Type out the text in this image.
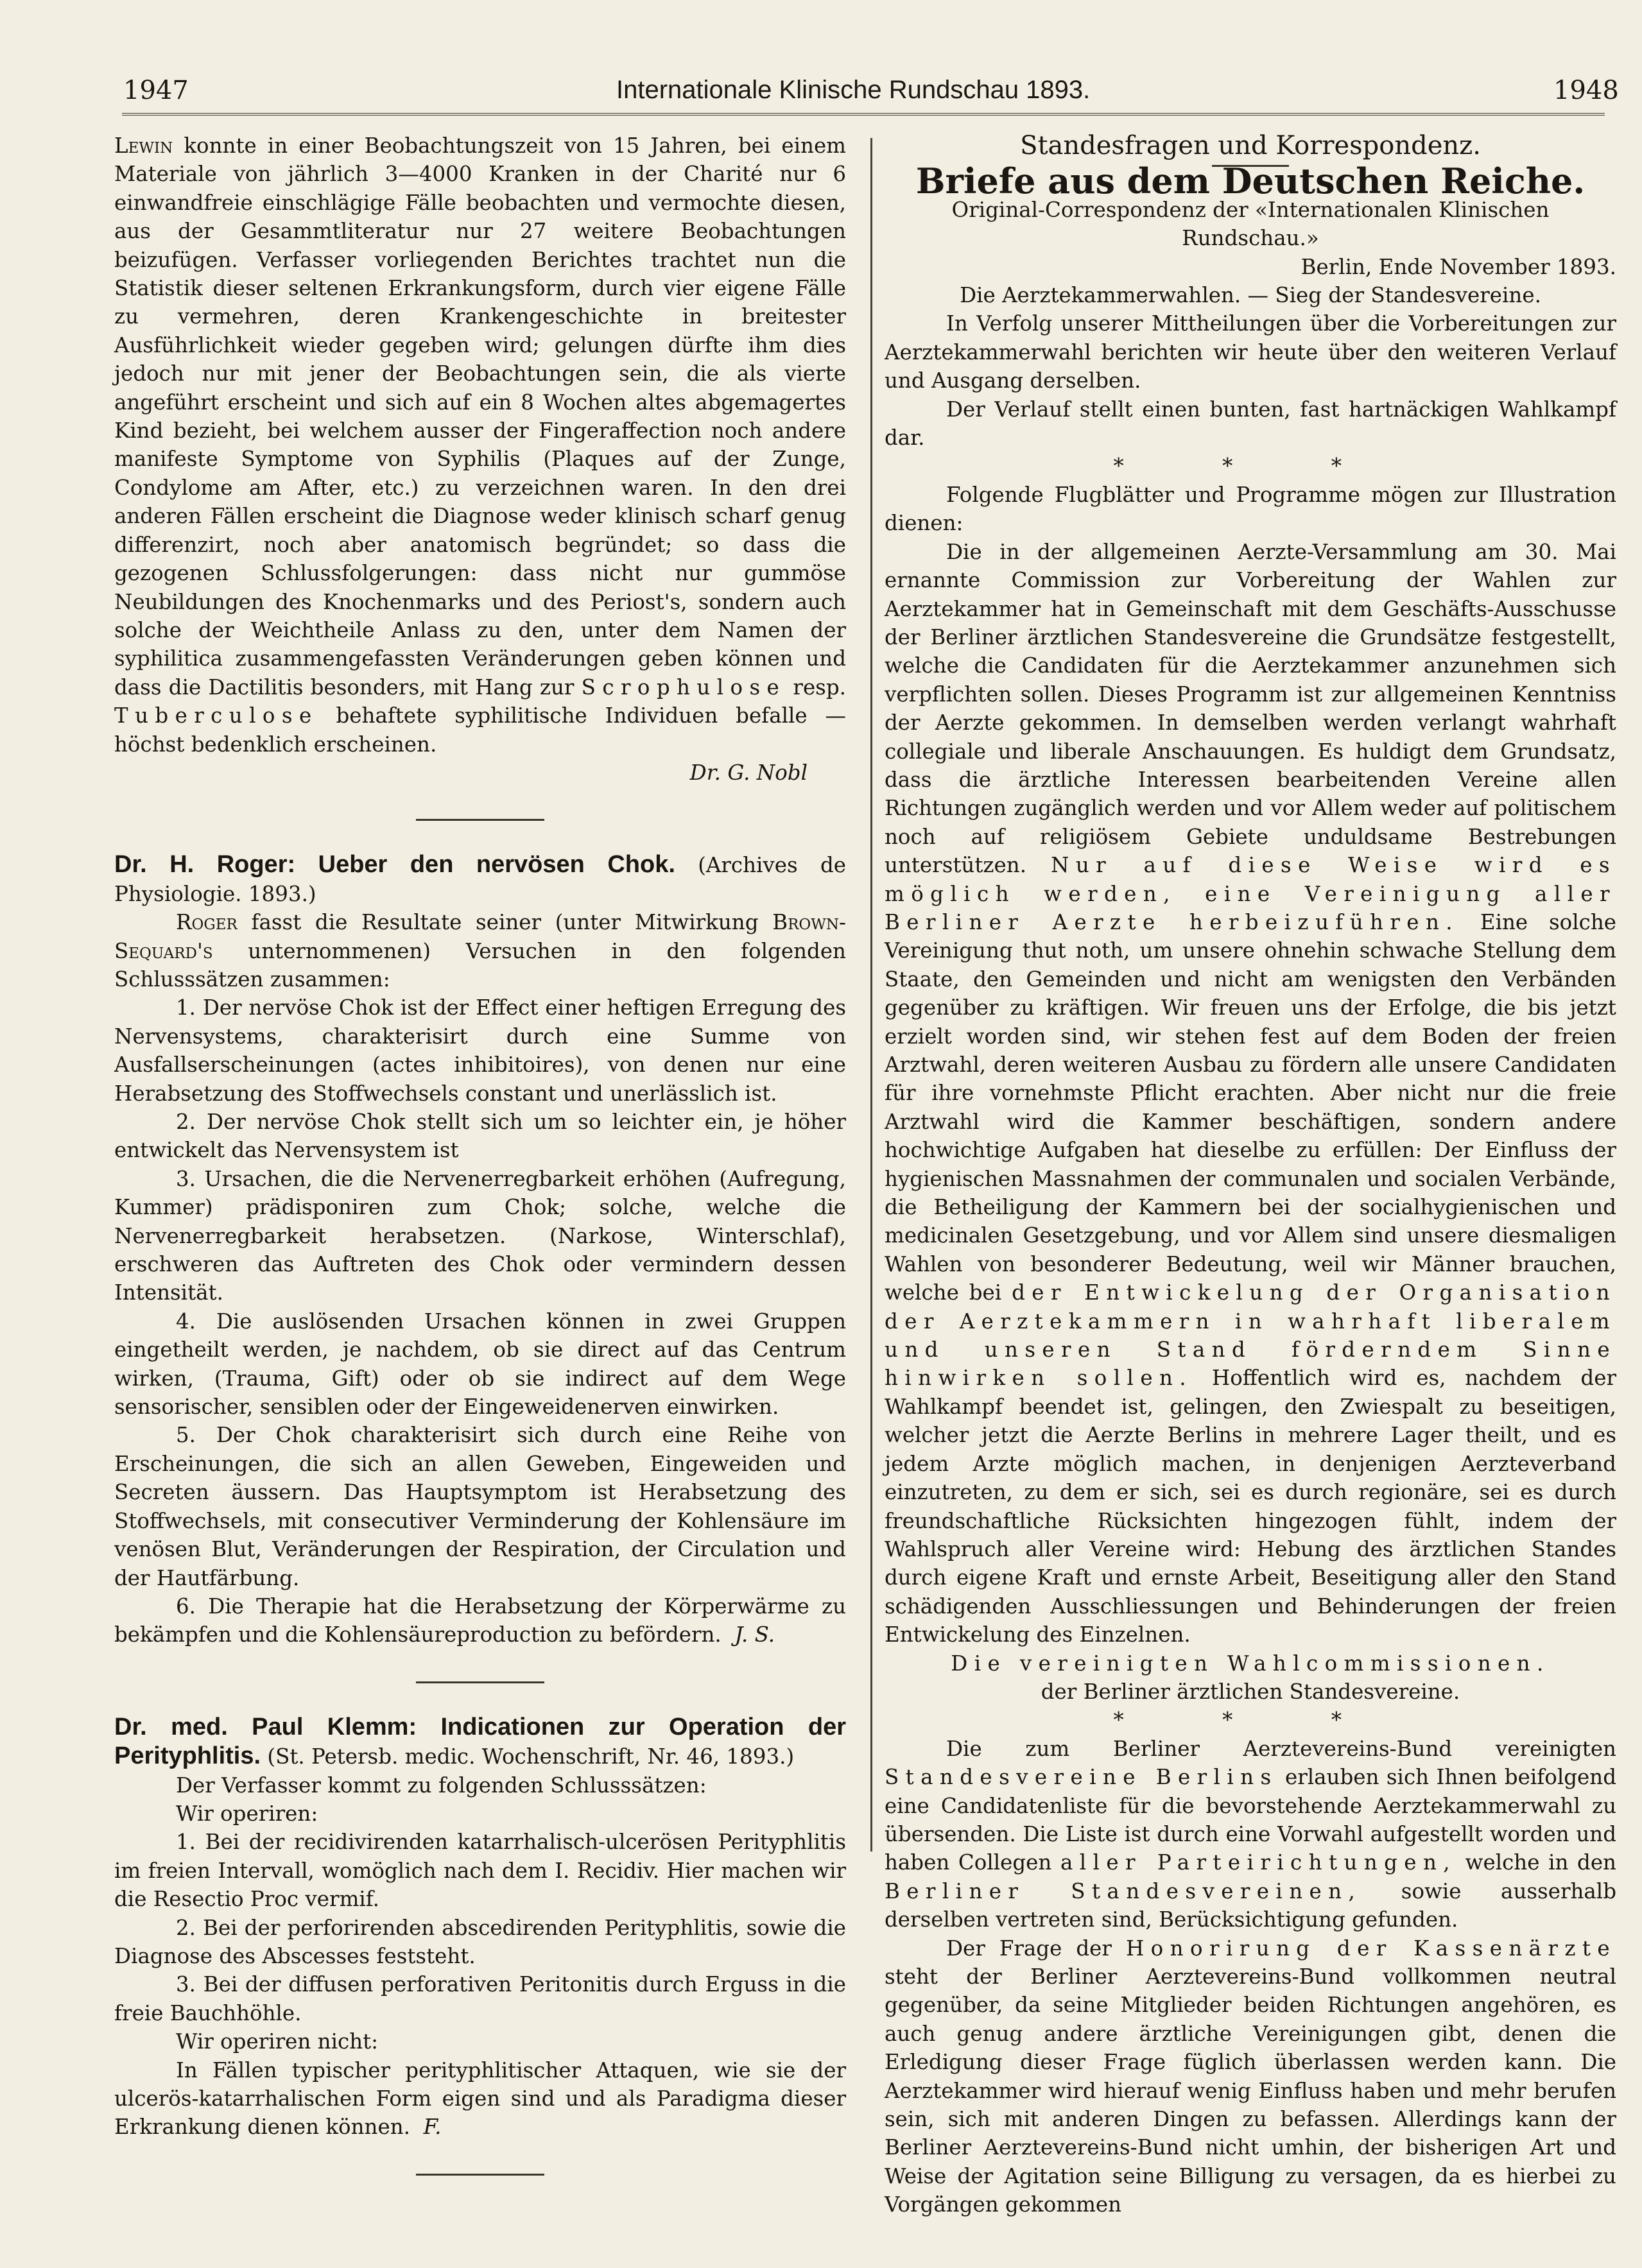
1947	Internationale Klinische Rundschau 1893.	1948

Lewin konnte in einer Beobachtungszeit von 15 Jahren, bei einem Materiale von jährlich 3—4000 Kranken in der Charité nur 6 einwandfreie einschlägige Fälle beobachten und vermochte diesen, aus der Gesammtliteratur nur 27 weitere Beobachtungen beizufügen. Verfasser vorliegenden Berichtes trachtet nun die Statistik dieser seltenen Erkrankungsform, durch vier eigene Fälle zu vermehren, deren Krankengeschichte in breitester Ausführlichkeit wieder gegeben wird; gelungen dürfte ihm dies jedoch nur mit jener der Beobachtungen sein, die als vierte angeführt erscheint und sich auf ein 8 Wochen altes abgemagertes Kind bezieht, bei welchem ausser der Fingeraffection noch andere manifeste Symptome von Syphilis (Plaques auf der Zunge, Condylome am After, etc.) zu verzeichnen waren. In den drei anderen Fällen erscheint die Diagnose weder klinisch scharf genug differenzirt, noch aber anatomisch begründet; so dass die gezogenen Schlussfolgerungen: dass nicht nur gummöse Neubildungen des Knochenmarks und des Periost's, sondern auch solche der Weichtheile Anlass zu den, unter dem Namen der syphilitica zusammengefassten Veränderungen geben können und dass die Dactilitis besonders, mit Hang zur Scrophulose resp. Tuberculose behaftete syphilitische Individuen befalle — höchst bedenklich erscheinen.

Dr. G. Nobl

Dr. H. Roger: Ueber den nervösen Chok. (Archives de Physiologie. 1893.)

Roger fasst die Resultate seiner (unter Mitwirkung Brown-Sequard's unternommenen) Versuchen in den folgenden Schlusssätzen zusammen:

1. Der nervöse Chok ist der Effect einer heftigen Erregung des Nervensystems, charakterisirt durch eine Summe von Ausfallserscheinungen (actes inhibitoires), von denen nur eine Herabsetzung des Stoffwechsels constant und unerlässlich ist.

2. Der nervöse Chok stellt sich um so leichter ein, je höher entwickelt das Nervensystem ist

3. Ursachen, die die Nervenerregbarkeit erhöhen (Aufregung, Kummer) prädisponiren zum Chok; solche, welche die Nervenerregbarkeit herabsetzen. (Narkose, Winterschlaf), erschweren das Auftreten des Chok oder vermindern dessen Intensität.

4. Die auslösenden Ursachen können in zwei Gruppen eingetheilt werden, je nachdem, ob sie direct auf das Centrum wirken, (Trauma, Gift) oder ob sie indirect auf dem Wege sensorischer, sensiblen oder der Eingeweidenerven einwirken.

5. Der Chok charakterisirt sich durch eine Reihe von Erscheinungen, die sich an allen Geweben, Eingeweiden und Secreten äussern. Das Hauptsymptom ist Herabsetzung des Stoffwechsels, mit consecutiver Verminderung der Kohlensäure im venösen Blut, Veränderungen der Respiration, der Circulation und der Hautfärbung.

6. Die Therapie hat die Herabsetzung der Körperwärme zu bekämpfen und die Kohlensäureproduction zu befördern. J. S.

Dr. med. Paul Klemm: Indicationen zur Operation der Perityphlitis. (St. Petersb. medic. Wochenschrift, Nr. 46, 1893.)

Der Verfasser kommt zu folgenden Schlusssätzen:

Wir operiren:

1. Bei der recidivirenden katarrhalisch-ulcerösen Perityphlitis im freien Intervall, womöglich nach dem I. Recidiv. Hier machen wir die Resectio Proc vermif.

2. Bei der perforirenden abscedirenden Perityphlitis, sowie die Diagnose des Abscesses feststeht.

3. Bei der diffusen perforativen Peritonitis durch Erguss in die freie Bauchhöhle.

Wir operiren nicht:

In Fällen typischer perityphlitischer Attaquen, wie sie der ulcerös-katarrhalischen Form eigen sind und als Paradigma dieser Erkrankung dienen können. F.

Standesfragen und Korrespondenz.

Briefe aus dem Deutschen Reiche.

Original-Correspondenz der «Internationalen Klinischen Rundschau.»

Berlin, Ende November 1893.

Die Aerztekammerwahlen. — Sieg der Standesvereine.

In Verfolg unserer Mittheilungen über die Vorbereitungen zur Aerztekammerwahl berichten wir heute über den weiteren Verlauf und Ausgang derselben.

Der Verlauf stellt einen bunten, fast hartnäckigen Wahlkampf dar.

* * *

Folgende Flugblätter und Programme mögen zur Illustration dienen:

Die in der allgemeinen Aerzte-Versammlung am 30. Mai ernannte Commission zur Vorbereitung der Wahlen zur Aerztekammer hat in Gemeinschaft mit dem Geschäfts-Ausschusse der Berliner ärztlichen Standesvereine die Grundsätze festgestellt, welche die Candidaten für die Aerztekammer anzunehmen sich verpflichten sollen. Dieses Programm ist zur allgemeinen Kenntniss der Aerzte gekommen. In demselben werden verlangt wahrhaft collegiale und liberale Anschauungen. Es huldigt dem Grundsatz, dass die ärztliche Interessen bearbeitenden Vereine allen Richtungen zugänglich werden und vor Allem weder auf politischem noch auf religiösem Gebiete unduldsame Bestrebungen unterstützen. Nur auf diese Weise wird es möglich werden, eine Vereinigung aller Berliner Aerzte herbeizuführen. Eine solche Vereinigung thut noth, um unsere ohnehin schwache Stellung dem Staate, den Gemeinden und nicht am wenigsten den Verbänden gegenüber zu kräftigen. Wir freuen uns der Erfolge, die bis jetzt erzielt worden sind, wir stehen fest auf dem Boden der freien Arztwahl, deren weiteren Ausbau zu fördern alle unsere Candidaten für ihre vornehmste Pflicht erachten. Aber nicht nur die freie Arztwahl wird die Kammer beschäftigen, sondern andere hochwichtige Aufgaben hat dieselbe zu erfüllen: Der Einfluss der hygienischen Massnahmen der communalen und socialen Verbände, die Betheiligung der Kammern bei der socialhygienischen und medicinalen Gesetzgebung, und vor Allem sind unsere diesmaligen Wahlen von besonderer Bedeutung, weil wir Männer brauchen, welche bei der Entwickelung der Organisation der Aerztekammern in wahrhaft liberalem und unseren Stand förderndem Sinne hinwirken sollen. Hoffentlich wird es, nachdem der Wahlkampf beendet ist, gelingen, den Zwiespalt zu beseitigen, welcher jetzt die Aerzte Berlins in mehrere Lager theilt, und es jedem Arzte möglich machen, in denjenigen Aerzteverband einzutreten, zu dem er sich, sei es durch regionäre, sei es durch freundschaftliche Rücksichten hingezogen fühlt, indem der Wahlspruch aller Vereine wird: Hebung des ärztlichen Standes durch eigene Kraft und ernste Arbeit, Beseitigung aller den Stand schädigenden Ausschliessungen und Behinderungen der freien Entwickelung des Einzelnen.

Die vereinigten Wahlcommissionen.

der Berliner ärztlichen Standesvereine.

* * *

Die zum Berliner Aerztevereins-Bund vereinigten Standesvereine Berlins erlauben sich Ihnen beifolgend eine Candidatenliste für die bevorstehende Aerztekammerwahl zu übersenden. Die Liste ist durch eine Vorwahl aufgestellt worden und haben Collegen aller Parteirichtungen, welche in den Berliner Standesvereinen, sowie ausserhalb derselben vertreten sind, Berücksichtigung gefunden.

Der Frage der Honorirung der Kassenärzte steht der Berliner Aerztevereins-Bund vollkommen neutral gegenüber, da seine Mitglieder beiden Richtungen angehören, es auch genug andere ärztliche Vereinigungen gibt, denen die Erledigung dieser Frage füglich überlassen werden kann. Die Aerztekammer wird hierauf wenig Einfluss haben und mehr berufen sein, sich mit anderen Dingen zu befassen. Allerdings kann der Berliner Aerztevereins-Bund nicht umhin, der bisherigen Art und Weise der Agitation seine Billigung zu versagen, da es hierbei zu Vorgängen gekommen
